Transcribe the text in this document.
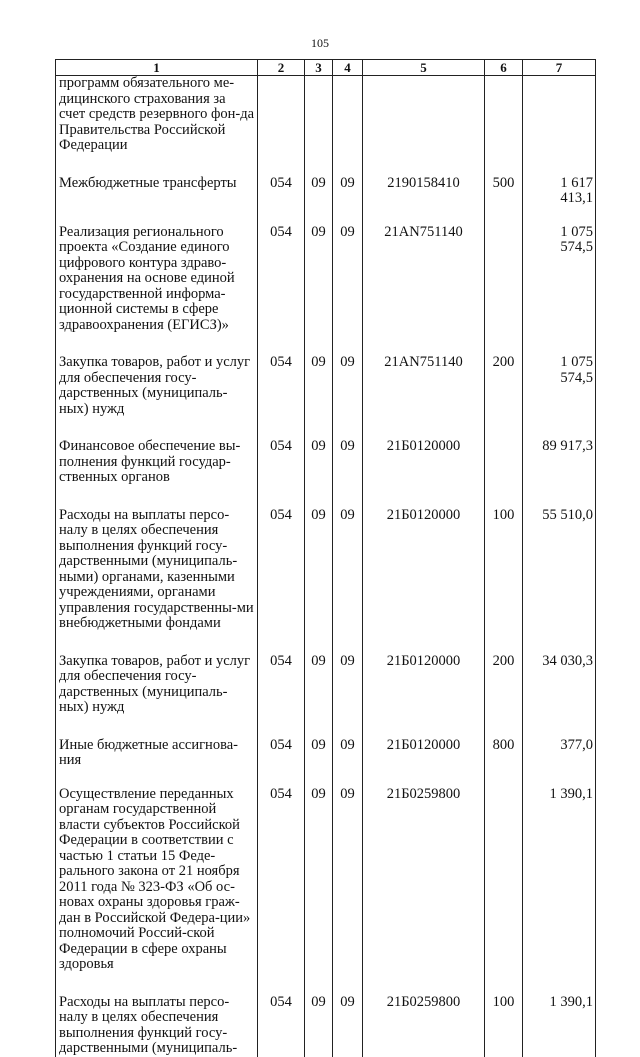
105
1	2	3	4	5	6	7
программ обязательного ме-дицинского страхования за счет средств резервного фон-да Правительства Российской Федерации						

Межбюджетные трансферты	054	09	09	2190158410	500	1 617 413,1

Реализация регионального проекта «Создание единого цифрового контура здраво-охранения на основе единой государственной информа-ционной системы в сфере здравоохранения (ЕГИСЗ)»	054	09	09	21АN751140		1 075 574,5

Закупка товаров, работ и услуг для обеспечения госу-дарственных (муниципаль-ных) нужд	054	09	09	21АN751140	200	1 075 574,5

Финансовое обеспечение вы-полнения функций государ-ственных органов	054	09	09	21Б0120000		89 917,3

Расходы на выплаты персо-налу в целях обеспечения выполнения функций госу-дарственными (муниципаль-ными) органами, казенными учреждениями, органами управления государственны-ми внебюджетными фондами	054	09	09	21Б0120000	100	55 510,0

Закупка товаров, работ и услуг для обеспечения госу-дарственных (муниципаль-ных) нужд	054	09	09	21Б0120000	200	34 030,3

Иные бюджетные ассигнова-ния	054	09	09	21Б0120000	800	377,0

Осуществление переданных органам государственной власти субъектов Российской Федерации в соответствии с частью 1 статьи 15 Феде-рального закона от 21 ноября 2011 года № 323-ФЗ «Об ос-новах охраны здоровья граж-дан в Российской Федера-ции» полномочий Россий-ской Федерации в сфере охраны здоровья	054	09	09	21Б0259800		1 390,1

Расходы на выплаты персо-налу в целях обеспечения выполнения функций госу-дарственными (муниципаль-	054	09	09	21Б0259800	100	1 390,1
